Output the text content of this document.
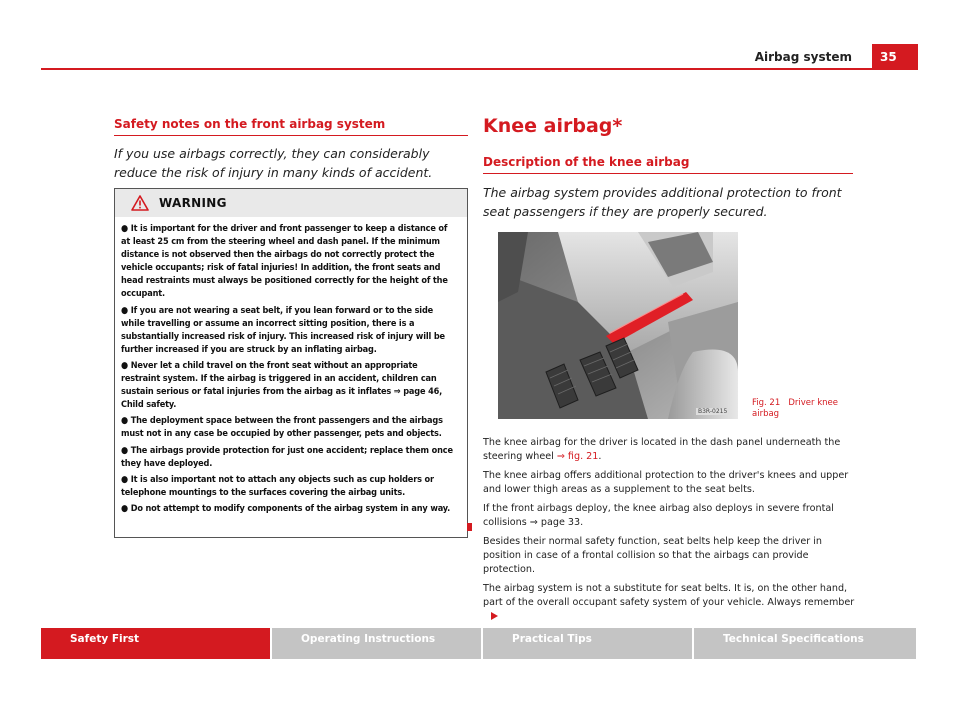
Airbag system	35
Safety notes on the front airbag system
If you use airbags correctly, they can considerably reduce the risk of injury in many kinds of accident.
WARNING
● It is important for the driver and front passenger to keep a distance of at least 25 cm from the steering wheel and dash panel. If the minimum distance is not observed then the airbags do not correctly protect the vehicle occupants; risk of fatal injuries! In addition, the front seats and head restraints must always be positioned correctly for the height of the occupant.
● If you are not wearing a seat belt, if you lean forward or to the side while travelling or assume an incorrect sitting position, there is a substantially increased risk of injury. This increased risk of injury will be further increased if you are struck by an inflating airbag.
● Never let a child travel on the front seat without an appropriate restraint system. If the airbag is triggered in an accident, children can sustain serious or fatal injuries from the airbag as it inflates ⇒ page 46, Child safety.
● The deployment space between the front passengers and the airbags must not in any case be occupied by other passenger, pets and objects.
● The airbags provide protection for just one accident; replace them once they have deployed.
● It is also important not to attach any objects such as cup holders or telephone mountings to the surfaces covering the airbag units.
● Do not attempt to modify components of the airbag system in any way.
Knee airbag*
Description of the knee airbag
The airbag system provides additional protection to front seat passengers if they are properly secured.
B3R-0215
Fig. 21 Driver knee airbag

The knee airbag for the driver is located in the dash panel underneath the steering wheel ⇒ fig. 21.

The knee airbag offers additional protection to the driver's knees and upper and lower thigh areas as a supplement to the seat belts.

If the front airbags deploy, the knee airbag also deploys in severe frontal collisions ⇒ page 33.

Besides their normal safety function, seat belts help keep the driver in position in case of a frontal collision so that the airbags can provide protection.

The airbag system is not a substitute for seat belts. It is, on the other hand, part of the overall occupant safety system of your vehicle. Always remember

Safety First	Operating Instructions	Practical Tips	Technical Specifications
